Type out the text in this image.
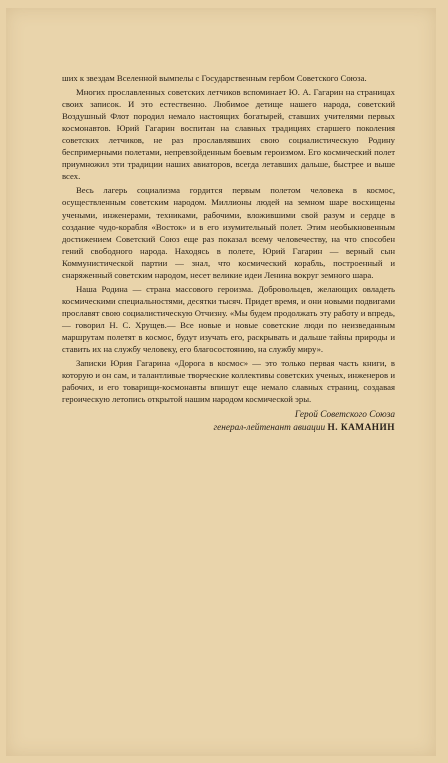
шиx к звездам Вселенной вымпелы с Государственным гербом Советского Союза.

Многих прославленных советских летчиков вспоминает Ю. А. Гагарин на страницах своих записок. И это естественно. Любимое детище нашего народа, советский Воздушный Флот породил немало настоящих богатырей, ставших учителями первых космонавтов. Юрий Гагарин воспитан на славных традициях старшего поколения советских летчиков, не раз прославлявших свою социалистическую Родину беспримерными полетами, непревзойденным боевым героизмом. Его космический полет приумножил эти традиции наших авиаторов, всегда летавших дальше, быстрее и выше всех.

Весь лагерь социализма гордится первым полетом человека в космос, осуществленным советским народом. Миллионы людей на земном шаре восхищены учеными, инженерами, техниками, рабочими, вложившими свой разум и сердце в создание чудо-корабля «Восток» и в его изумительный полет. Этим необыкновенным достижением Советский Союз еще раз показал всему человечеству, на что способен гений свободного народа. Находясь в полете, Юрий Гагарин — верный сын Коммунистической партии — знал, что космический корабль, построенный и снаряженный советским народом, несет великие идеи Ленина вокруг земного шара.

Наша Родина — страна массового героизма. Добровольцев, желающих овладеть космическими специальностями, десятки тысяч. Придет время, и они новыми подвигами прославят свою социалистическую Отчизну. «Мы будем продолжать эту работу и впредь,— говорил Н. С. Хрущев.— Все новые и новые советские люди по неизведанным маршрутам полетят в космос, будут изучать его, раскрывать и дальше тайны природы и ставить их на службу человеку, его благосостоянию, на службу миру».

Записки Юрия Гагарина «Дорога в космос» — это только первая часть книги, в которую и он сам, и талантливые творческие коллективы советских ученых, инженеров и рабочих, и его товарищи-космонавты впишут еще немало славных страниц, создавая героическую летопись открытой нашим народом космической эры.

Герой Советского Союза
генерал-лейтенант авиации Н. КАМАНИН
